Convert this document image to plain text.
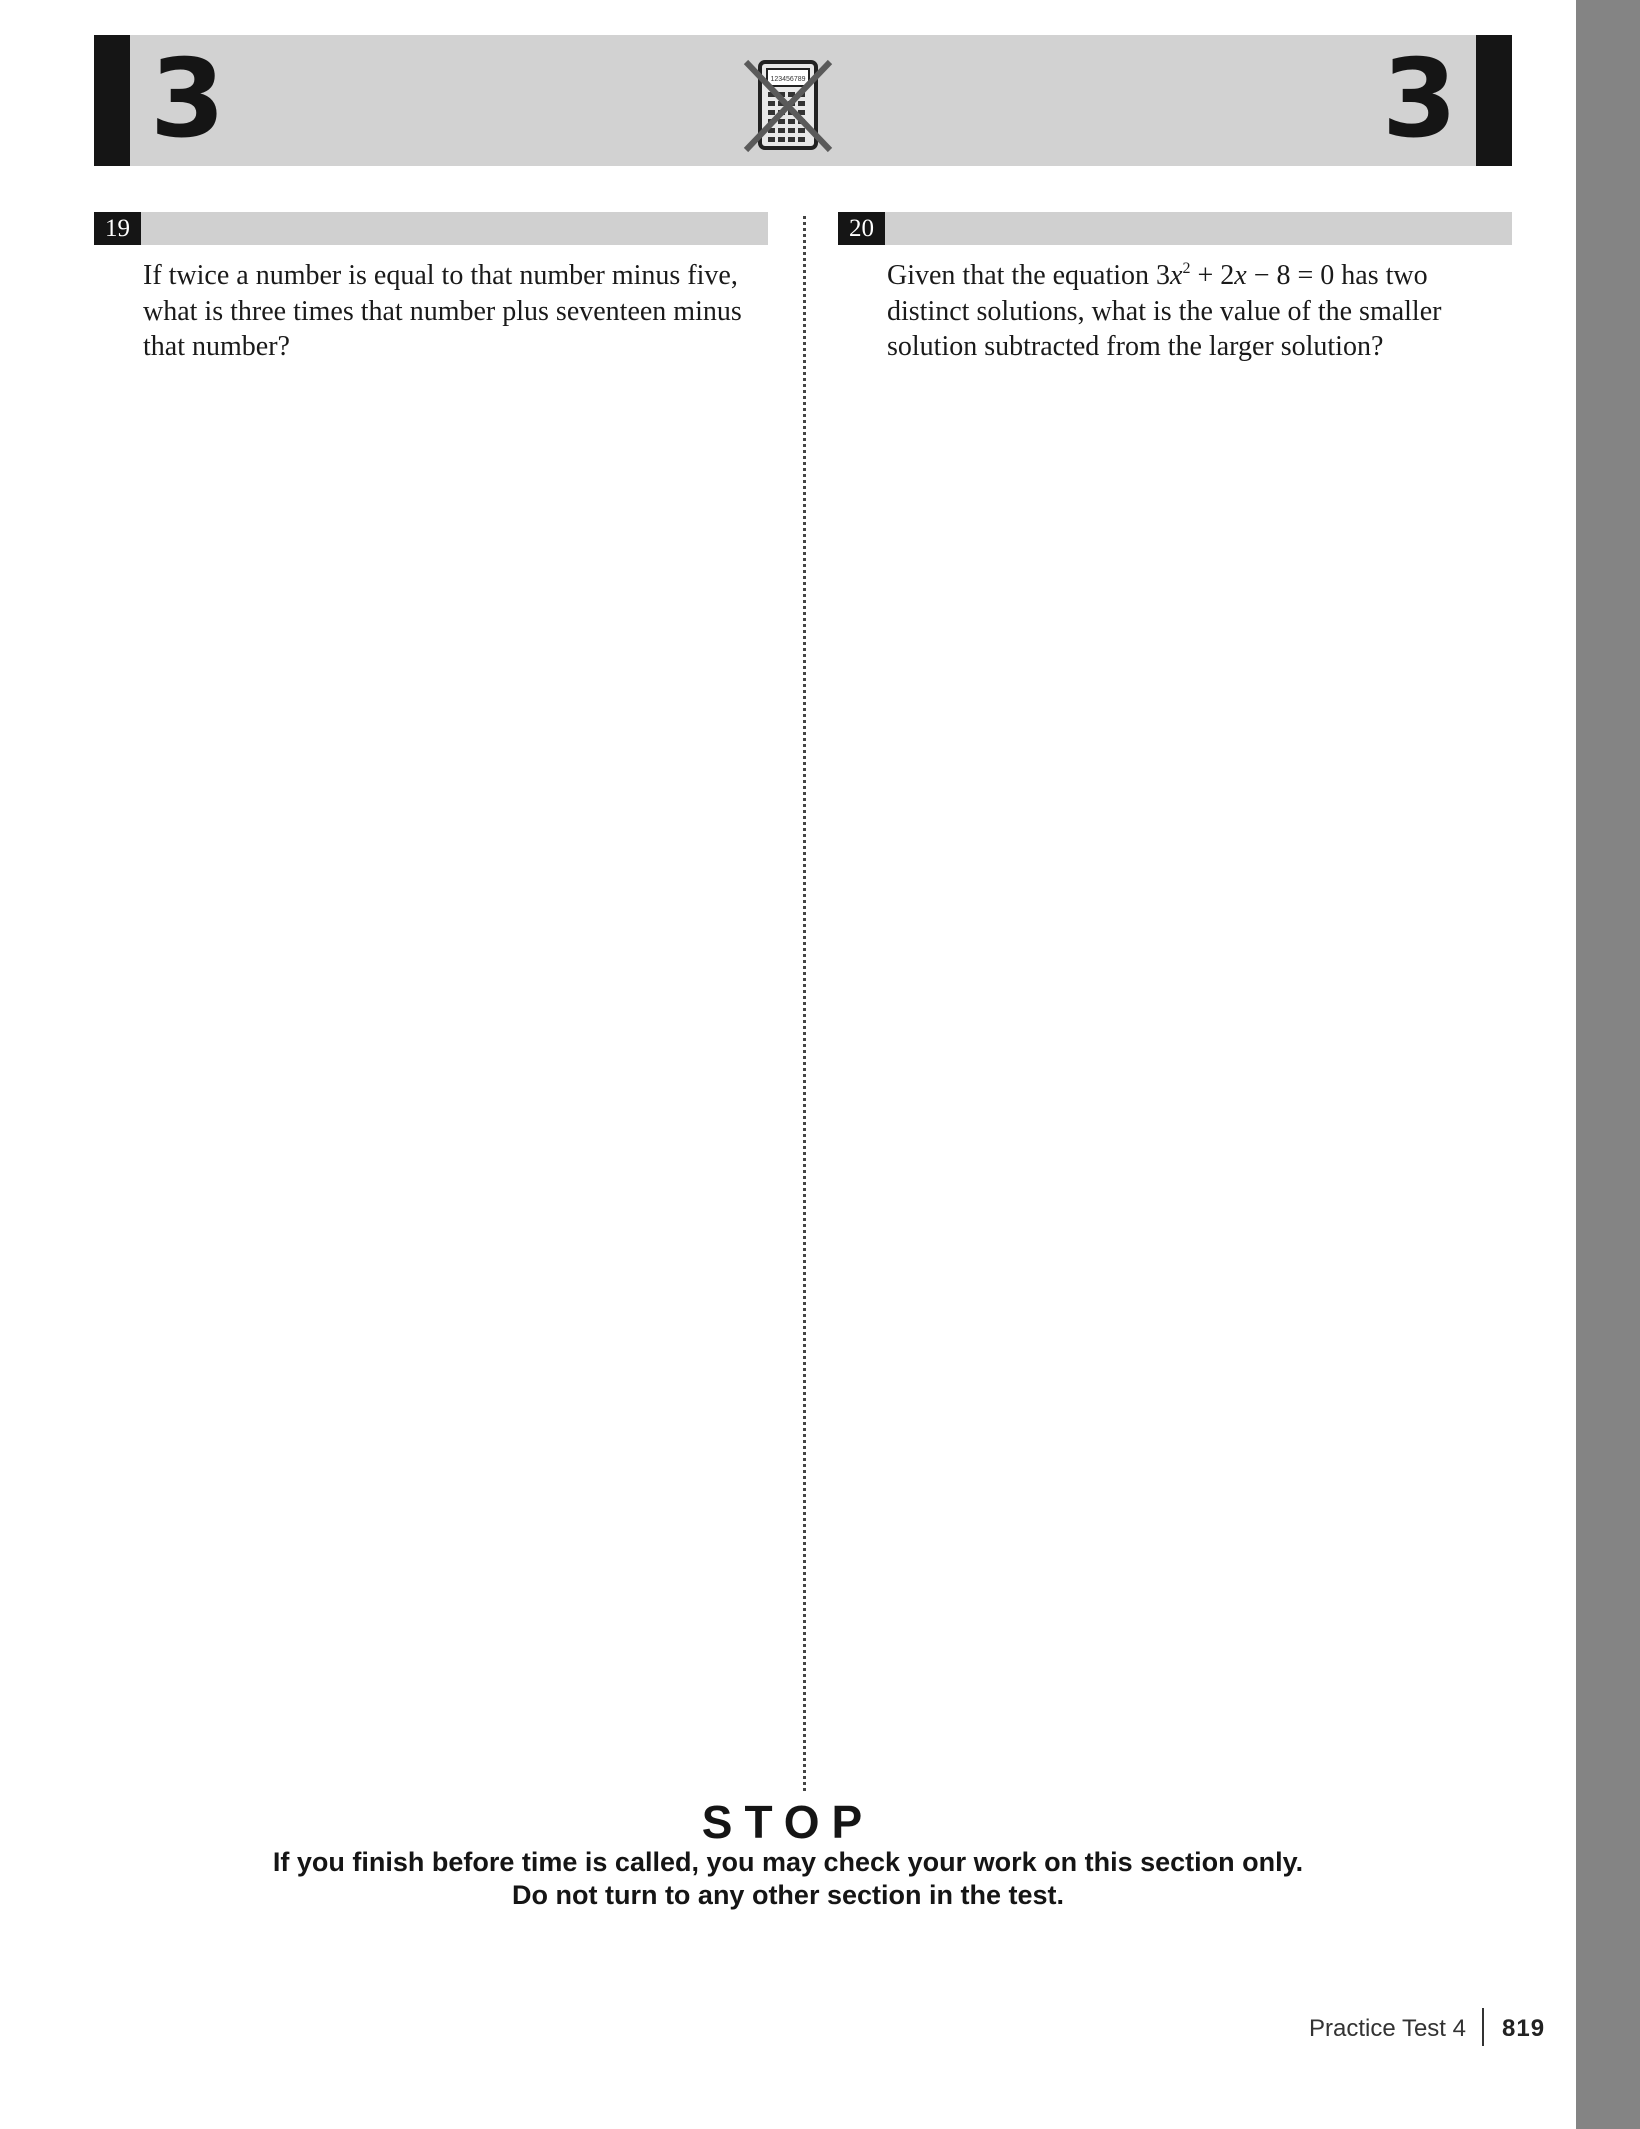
3	3
123456789
19
If twice a number is equal to that number minus five,
what is three times that number plus seventeen minus
that number?
20
Given that the equation $3x^2 + 2x - 8 = 0$ has two
distinct solutions, what is the value of the smaller
solution subtracted from the larger solution?
STOP
If you finish before time is called, you may check your work on this section only.
Do not turn to any other section in the test.
Practice Test 4 819
